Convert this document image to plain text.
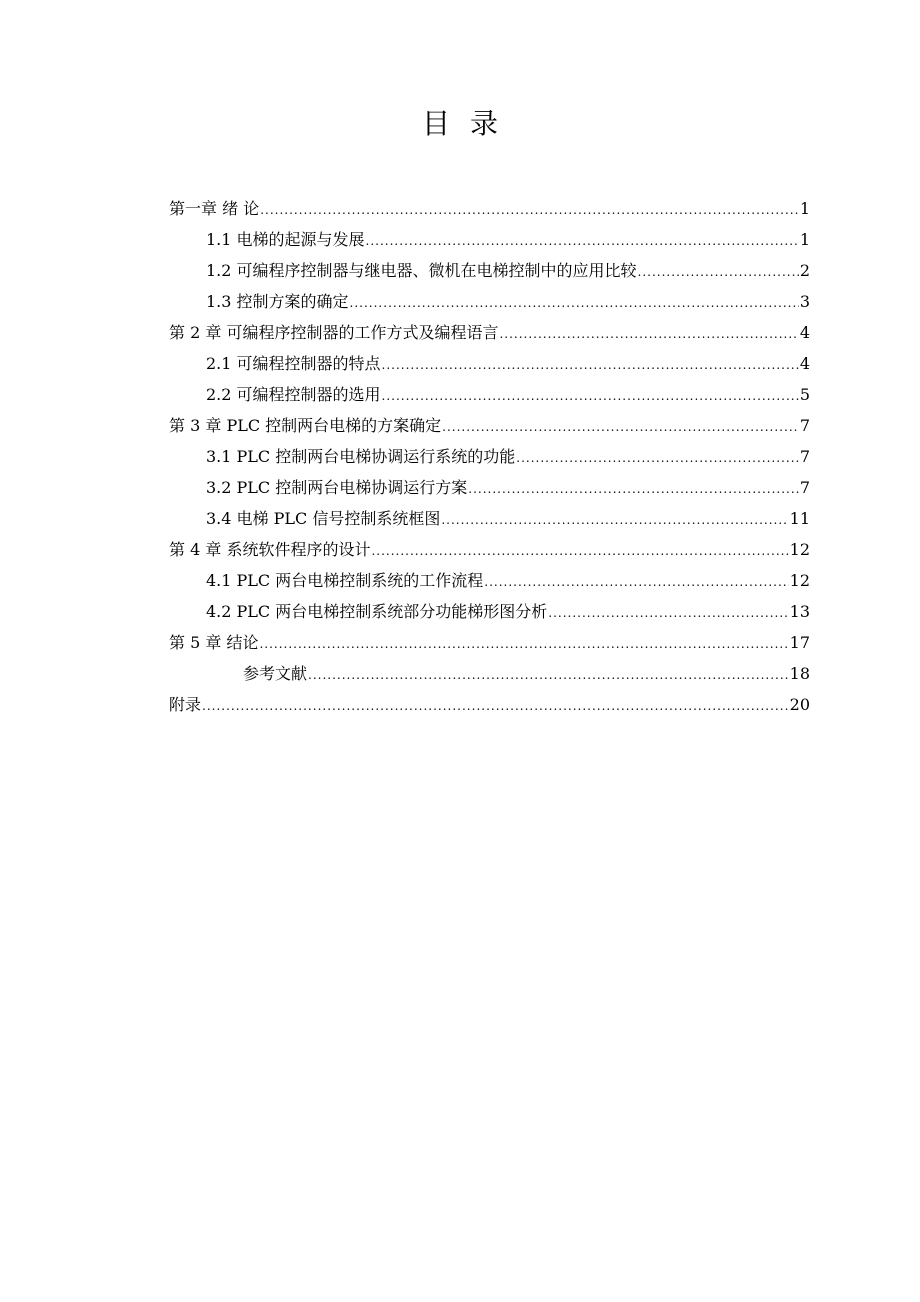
目录
第一章 绪 论 .....	1
1.1 电梯的起源与发展 .....	1
1.2 可编程序控制器与继电器、微机在电梯控制中的应用比较 .....	2
1.3 控制方案的确定 .....	3
第 2 章 可编程序控制器的工作方式及编程语言 .....	4
2.1 可编程控制器的特点 .....	4
2.2 可编程控制器的选用 .....	5
第 3 章 PLC 控制两台电梯的方案确定 .....	7
3.1 PLC 控制两台电梯协调运行系统的功能 .....	7
3.2 PLC 控制两台电梯协调运行方案 .....	7
3.4 电梯 PLC 信号控制系统框图 .....	11
第 4 章 系统软件程序的设计 .....	12
4.1 PLC 两台电梯控制系统的工作流程 .....	12
4.2 PLC 两台电梯控制系统部分功能梯形图分析 .....	13
第 5 章 结论 .....	17
参考文献 .....	18
附录 .....	20
